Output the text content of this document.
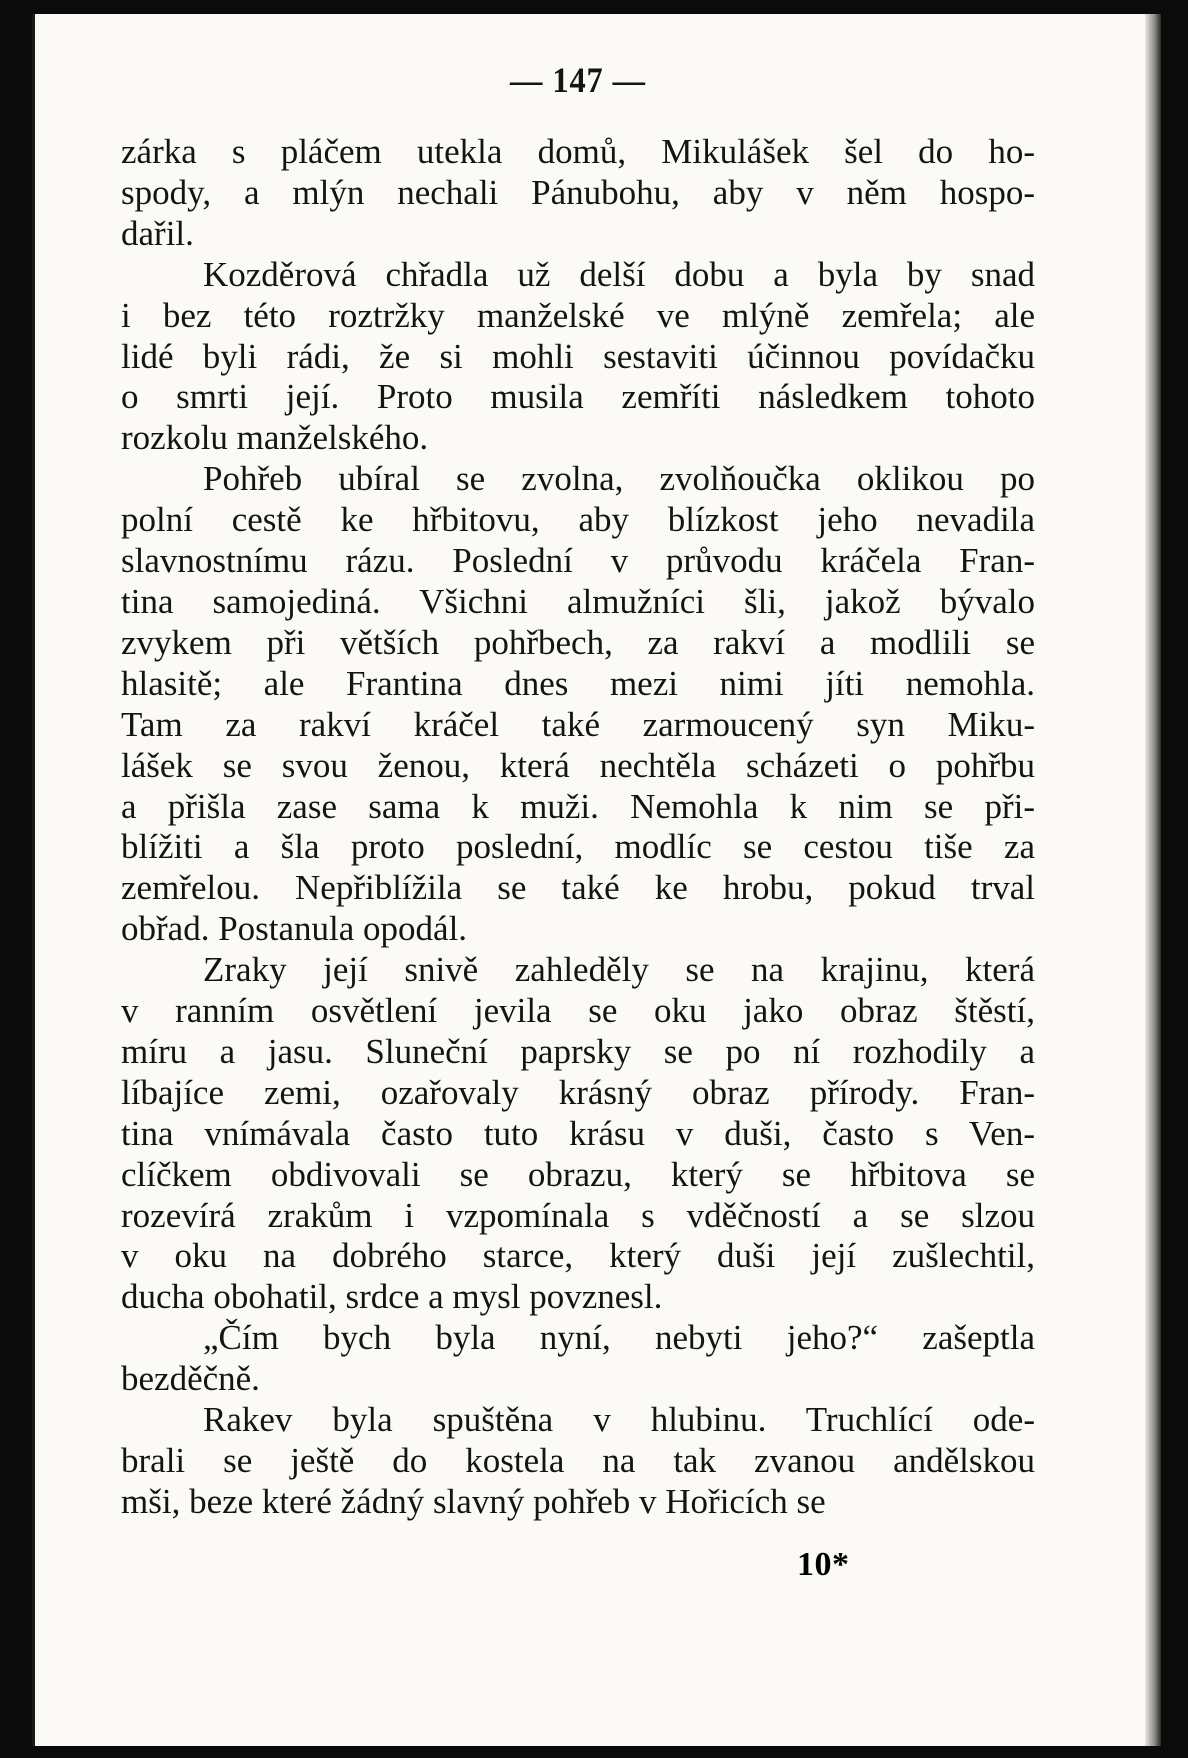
— 147 —

zárka s pláčem utekla domů, Mikulášek šel do ho-
spody, a mlýn nechali Pánubohu, aby v něm hospo-
dařil.

Kozděrová chřadla už delší dobu a byla by snad
i bez této roztržky manželské ve mlýně zemřela; ale
lidé byli rádi, že si mohli sestaviti účinnou povídačku
o smrti její. Proto musila zemříti následkem tohoto
rozkolu manželského.

Pohřeb ubíral se zvolna, zvolňoučka oklikou po
polní cestě ke hřbitovu, aby blízkost jeho nevadila
slavnostnímu rázu. Poslední v průvodu kráčela Fran-
tina samojediná. Všichni almužníci šli, jakož bývalo
zvykem při větších pohřbech, za rakví a modlili se
hlasitě; ale Frantina dnes mezi nimi jíti nemohla.
Tam za rakví kráčel také zarmoucený syn Miku-
lášek se svou ženou, která nechtěla scházeti o pohřbu
a přišla zase sama k muži. Nemohla k nim se při-
blížiti a šla proto poslední, modlíc se cestou tiše za
zemřelou. Nepřiblížila se také ke hrobu, pokud trval
obřad. Postanula opodál.

Zraky její snivě zahleděly se na krajinu, která
v ranním osvětlení jevila se oku jako obraz štěstí,
míru a jasu. Sluneční paprsky se po ní rozhodily a
líbajíce zemi, ozařovaly krásný obraz přírody. Fran-
tina vnímávala často tuto krásu v duši, často s Ven-
clíčkem obdivovali se obrazu, který se hřbitova se
rozevírá zrakům i vzpomínala s vděčností a se slzou
v oku na dobrého starce, který duši její zušlechtil,
ducha obohatil, srdce a mysl povznesl.

„Čím bych byla nyní, nebyti jeho?“ zašeptla
bezděčně.

Rakev byla spuštěna v hlubinu. Truchlící ode-
brali se ještě do kostela na tak zvanou andělskou
mši, beze které žádný slavný pohřeb v Hořicích se

10*
